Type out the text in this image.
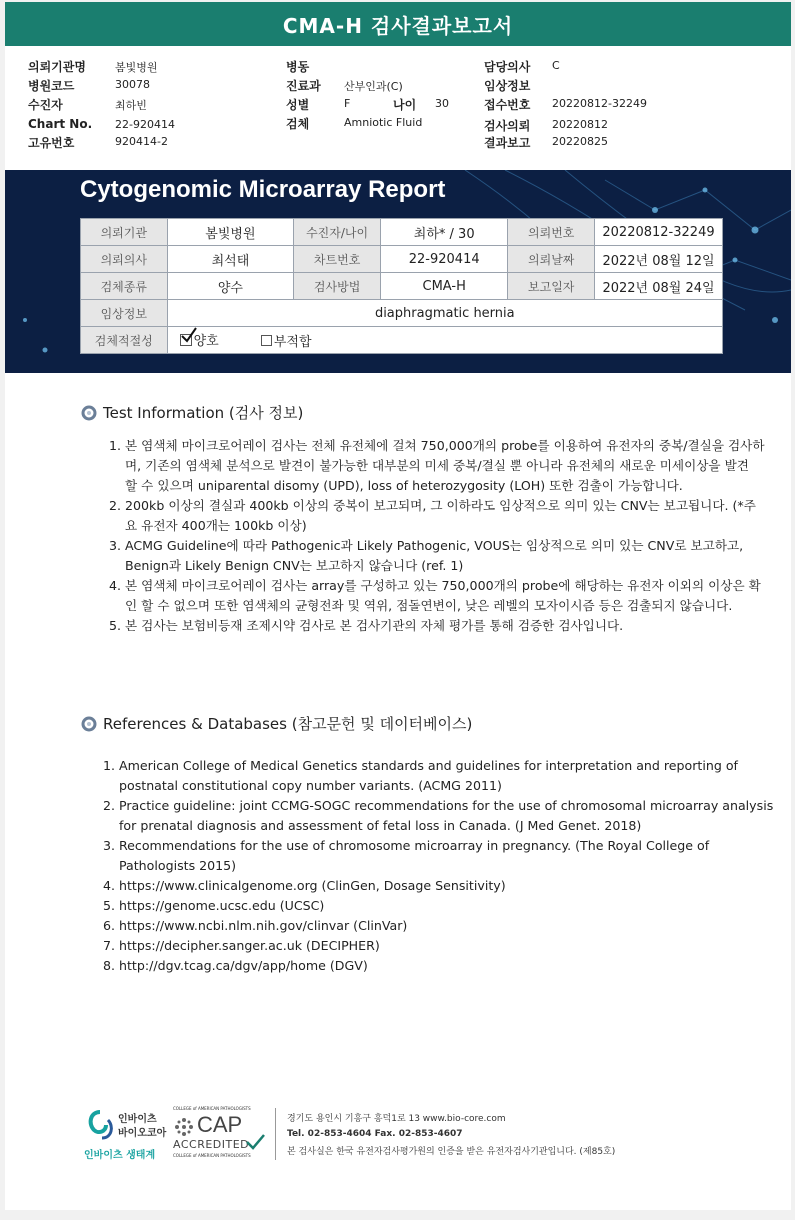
CMA-H 검사결과보고서
의뢰기관명	봄빛병원
병원코드	30078
수진자	최하빈
Chart No. 22-920414
고유번호	920414-2
병동
진료과 산부인과(C)
성별	F	나이 30
검체	Amniotic Fluid
담당의사 C
임상정보
접수번호 20220812-32249
검사의뢰 20220812
결과보고 20220825
Cytogenomic Microarray Report
의뢰기관	봄빛병원	수진자/나이	최하* / 30	의뢰번호	20220812-32249
의뢰의사	최석태	차트번호	22-920414	의뢰날짜	2022년 08월 12일
검체종류	양수	검사방법	CMA-H	보고일자	2022년 08월 24일
임상정보	diaphragmatic hernia				
검체적절성	양호
부적합				
Test Information (검사 정보)
1. 본 염색체 마이크로어레이 검사는 전체 유전체에 걸쳐 750,000개의 probe를 이용하여 유전자의 중복/결실을 검사하며, 기존의 염색체 분석으로 발견이 불가능한 대부분의 미세 중복/결실 뿐 아니라 유전체의 새로운 미세이상을 발견 할 수 있으며 uniparental disomy (UPD), loss of heterozygosity (LOH) 또한 검출이 가능합니다.
2. 200kb 이상의 결실과 400kb 이상의 중복이 보고되며, 그 이하라도 임상적으로 의미 있는 CNV는 보고됩니다. (*주요 유전자 400개는 100kb 이상)
3. ACMG Guideline에 따라 Pathogenic과 Likely Pathogenic, VOUS는 임상적으로 의미 있는 CNV로 보고하고, Benign과 Likely Benign CNV는 보고하지 않습니다 (ref. 1)
4. 본 염색체 마이크로어레이 검사는 array를 구성하고 있는 750,000개의 probe에 해당하는 유전자 이외의 이상은 확인 할 수 없으며 또한 염색체의 균형전좌 및 역위, 점돌연변이, 낮은 레벨의 모자이시즘 등은 검출되지 않습니다.
5. 본 검사는 보험비등재 조제시약 검사로 본 검사기관의 자체 평가를 통해 검증한 검사입니다.
References & Databases (참고문헌 및 데이터베이스)
1. American College of Medical Genetics standards and guidelines for interpretation and reporting of postnatal constitutional copy number variants. (ACMG 2011)
2. Practice guideline: joint CCMG-SOGC recommendations for the use of chromosomal microarray analysis for prenatal diagnosis and assessment of fetal loss in Canada. (J Med Genet. 2018)
3. Recommendations for the use of chromosome microarray in pregnancy. (The Royal College of Pathologists 2015)
4. https://www.clinicalgenome.org (ClinGen, Dosage Sensitivity)
5. https://genome.ucsc.edu (UCSC)
6. https://www.ncbi.nlm.nih.gov/clinvar (ClinVar)
7. https://decipher.sanger.ac.uk (DECIPHER)
8. http://dgv.tcag.ca/dgv/app/home (DGV)
인바이츠
바이오코아
인바이츠 생태계
COLLEGE of AMERICAN PATHOLOGISTS
CAP
ACCREDITED
COLLEGE of AMERICAN PATHOLOGISTS
경기도 용인시 기흥구 흥덕1로 13 www.bio-core.com
Tel. 02-853-4604 Fax. 02-853-4607
본 검사실은 한국 유전자검사평가원의 인증을 받은 유전자검사기관입니다. (제85호)
